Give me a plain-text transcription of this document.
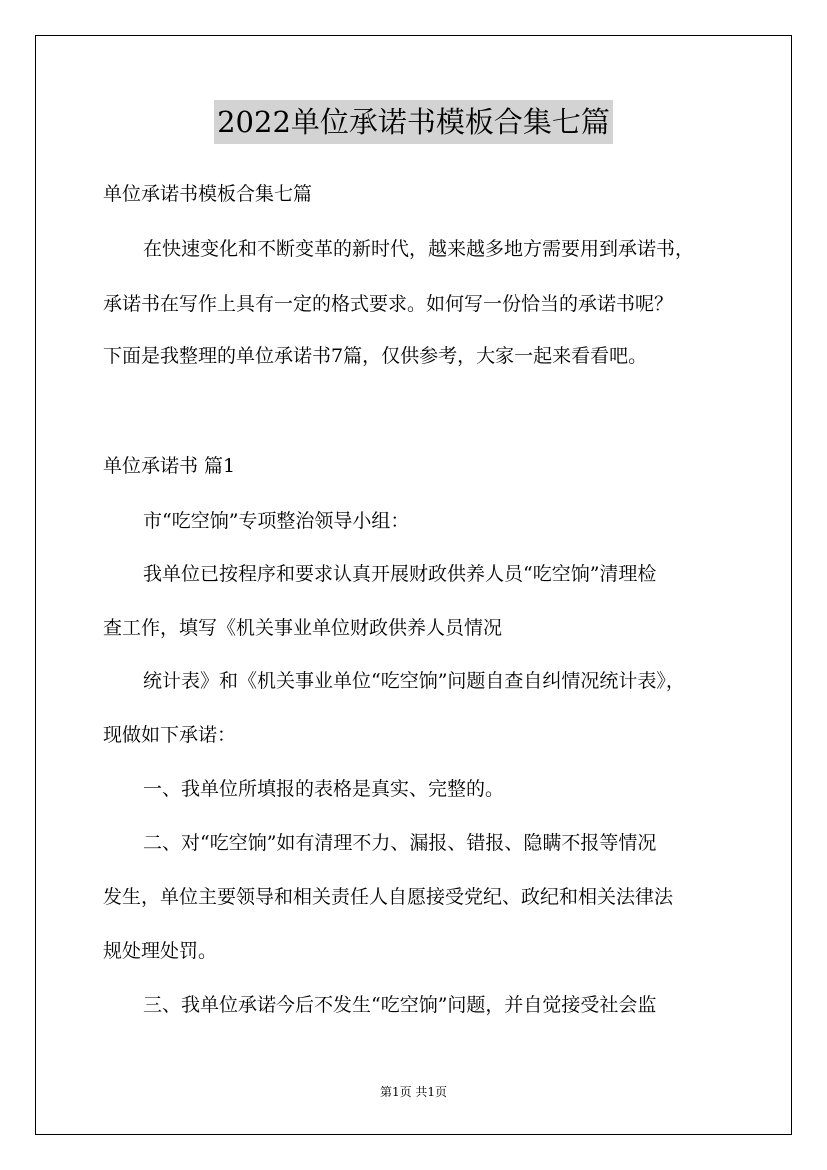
2022单位承诺书模板合集七篇
单位承诺书模板合集七篇
在快速变化和不断变革的新时代，越来越多地方需要用到承诺书，
承诺书在写作上具有一定的格式要求。如何写一份恰当的承诺书呢？
下面是我整理的单位承诺书7篇，仅供参考，大家一起来看看吧。
单位承诺书 篇1
市“吃空饷”专项整治领导小组：
我单位已按程序和要求认真开展财政供养人员“吃空饷”清理检
查工作，填写《机关事业单位财政供养人员情况
统计表》和《机关事业单位“吃空饷”问题自查自纠情况统计表》，
现做如下承诺：
一、我单位所填报的表格是真实、完整的。
二、对“吃空饷”如有清理不力、漏报、错报、隐瞒不报等情况
发生，单位主要领导和相关责任人自愿接受党纪、政纪和相关法律法
规处理处罚。
三、我单位承诺今后不发生“吃空饷”问题，并自觉接受社会监
第1页 共1页
